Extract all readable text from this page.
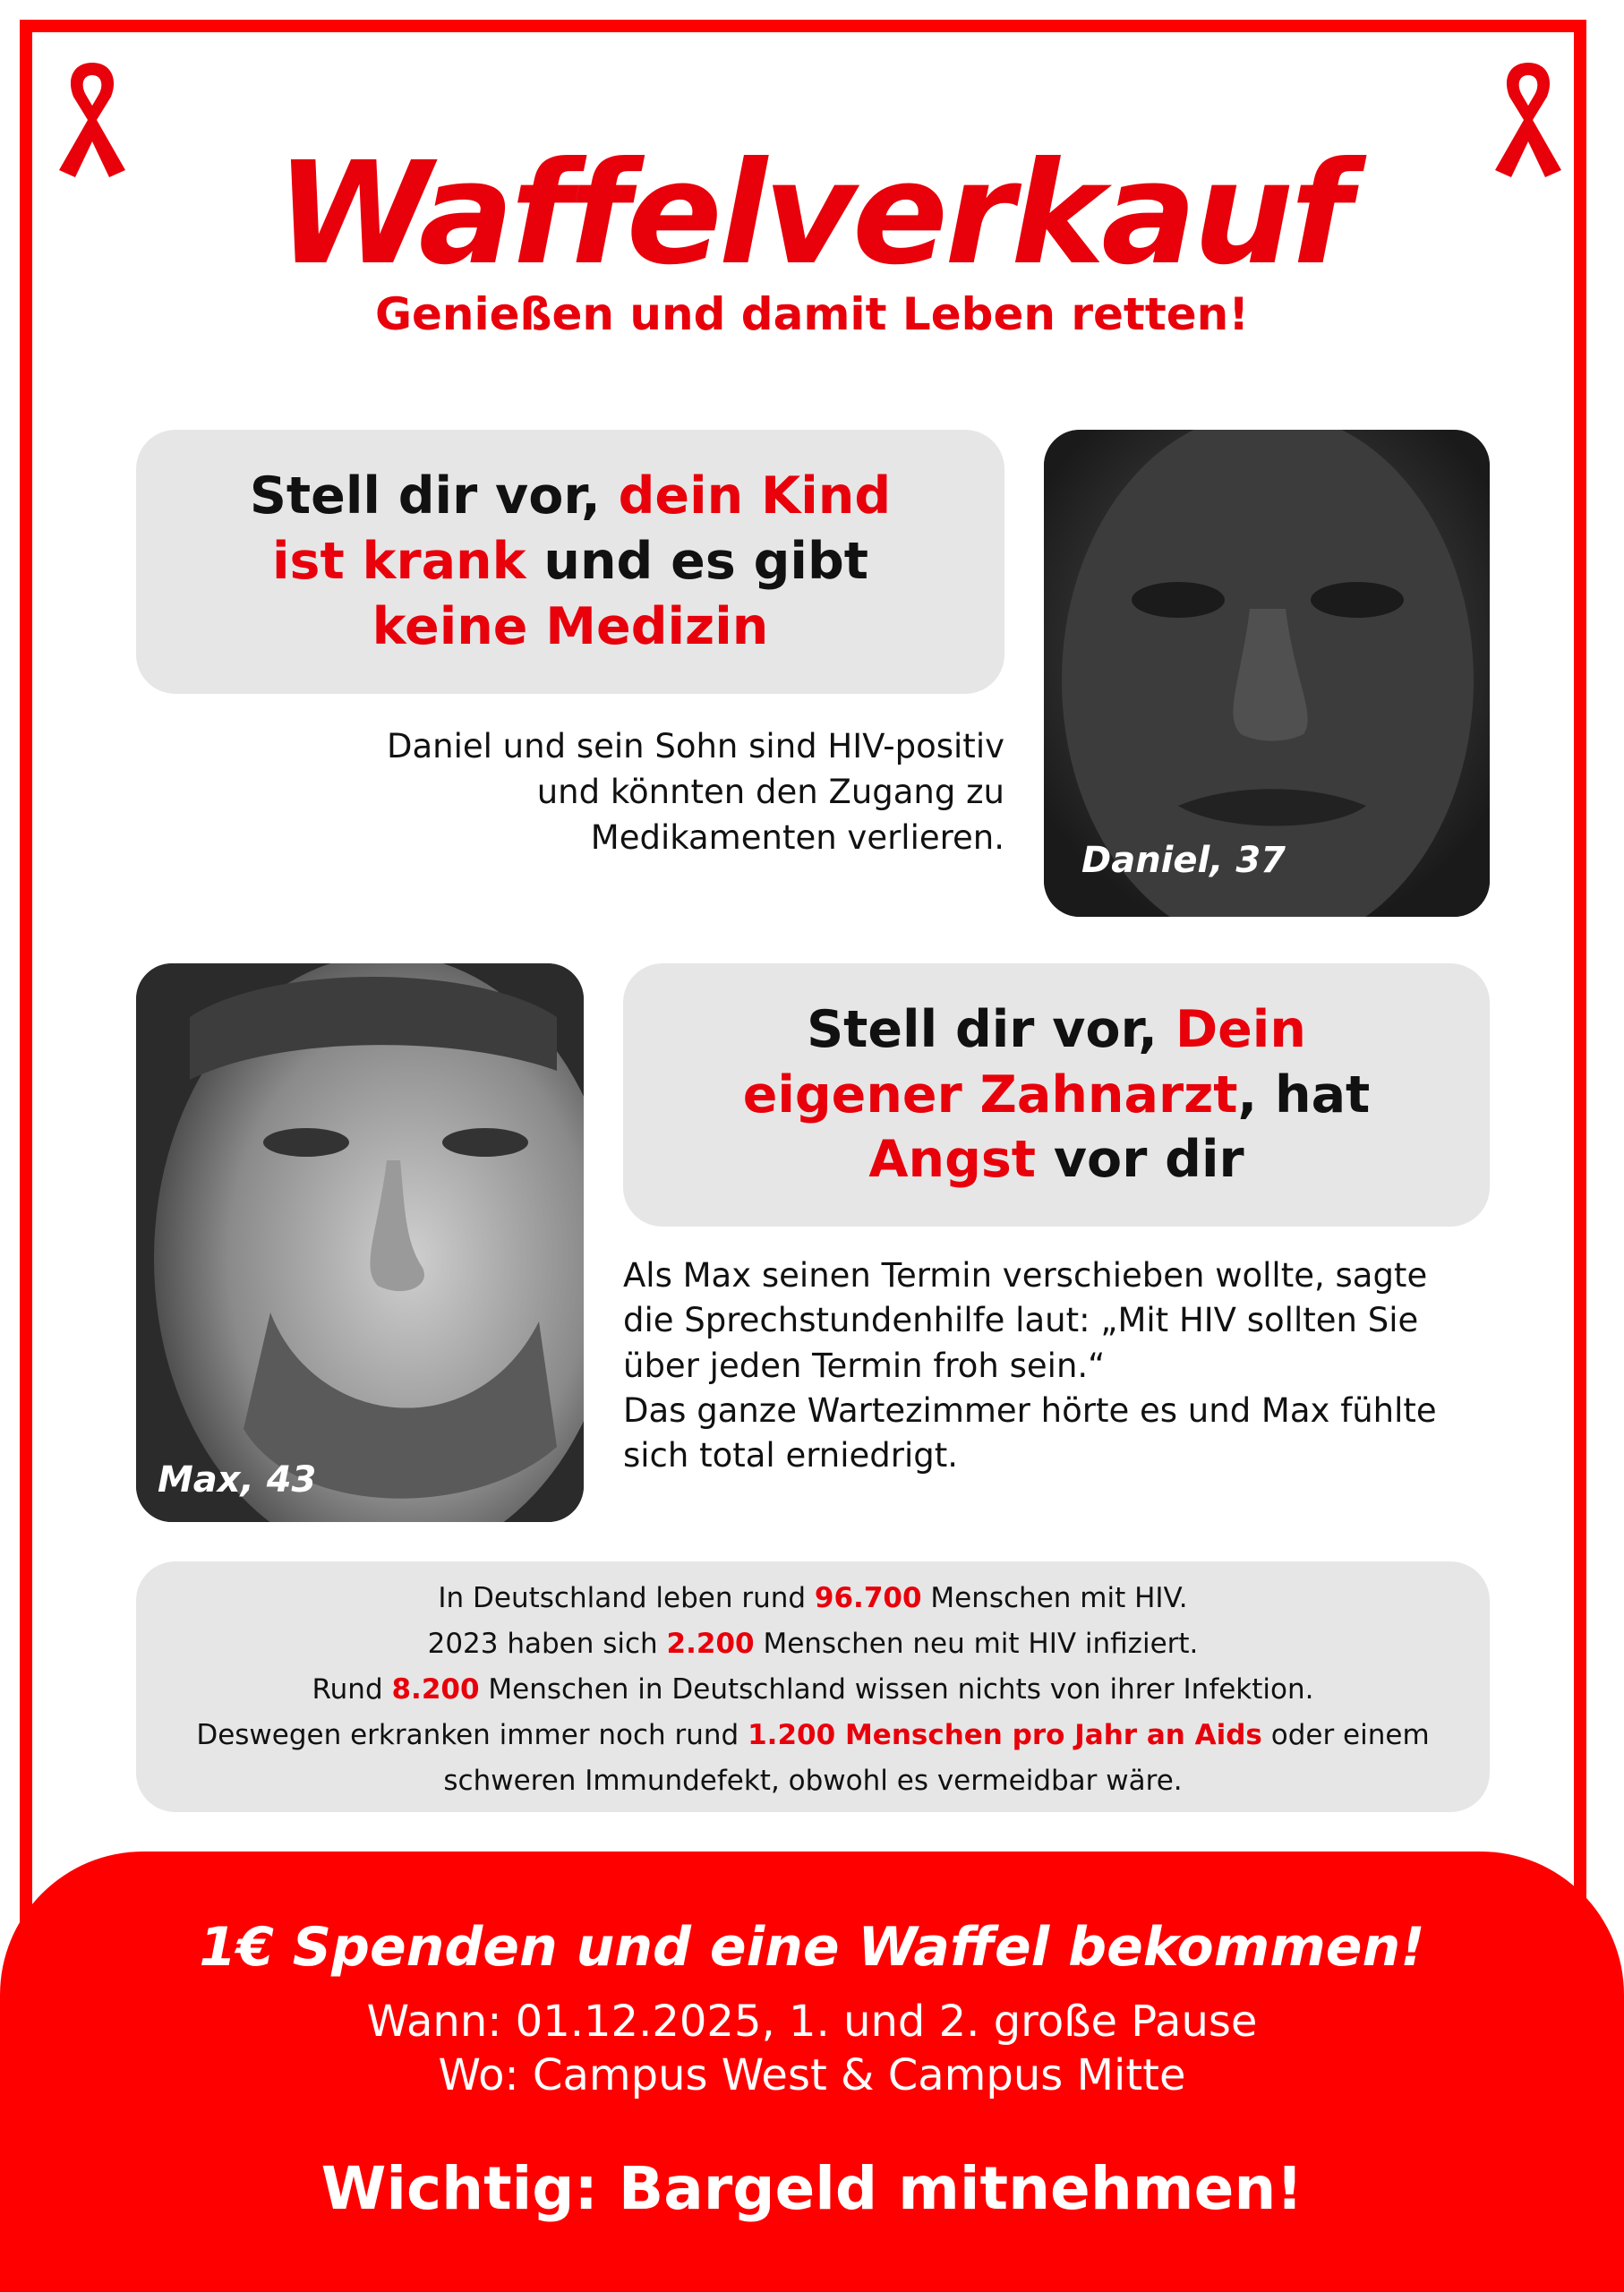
Waffelverkauf
Genießen und damit Leben retten!
Stell dir vor, dein Kind
ist krank und es gibt
keine Medizin
Daniel und sein Sohn sind HIV-positiv
und könnten den Zugang zu
Medikamenten verlieren.
Daniel, 37
Max, 43
Stell dir vor, Dein
eigener Zahnarzt, hat
Angst vor dir
Als Max seinen Termin verschieben wollte, sagte
die Sprechstundenhilfe laut: „Mit HIV sollten Sie
über jeden Termin froh sein.“
Das ganze Wartezimmer hörte es und Max fühlte
sich total erniedrigt.
In Deutschland leben rund 96.700 Menschen mit HIV.
2023 haben sich 2.200 Menschen neu mit HIV infiziert.
Rund 8.200 Menschen in Deutschland wissen nichts von ihrer Infektion.
Deswegen erkranken immer noch rund 1.200 Menschen pro Jahr an Aids oder einem
schweren Immundefekt, obwohl es vermeidbar wäre.
1€ Spenden und eine Waffel bekommen!
Wann: 01.12.2025, 1. und 2. große Pause
Wo: Campus West & Campus Mitte
Wichtig: Bargeld mitnehmen!
